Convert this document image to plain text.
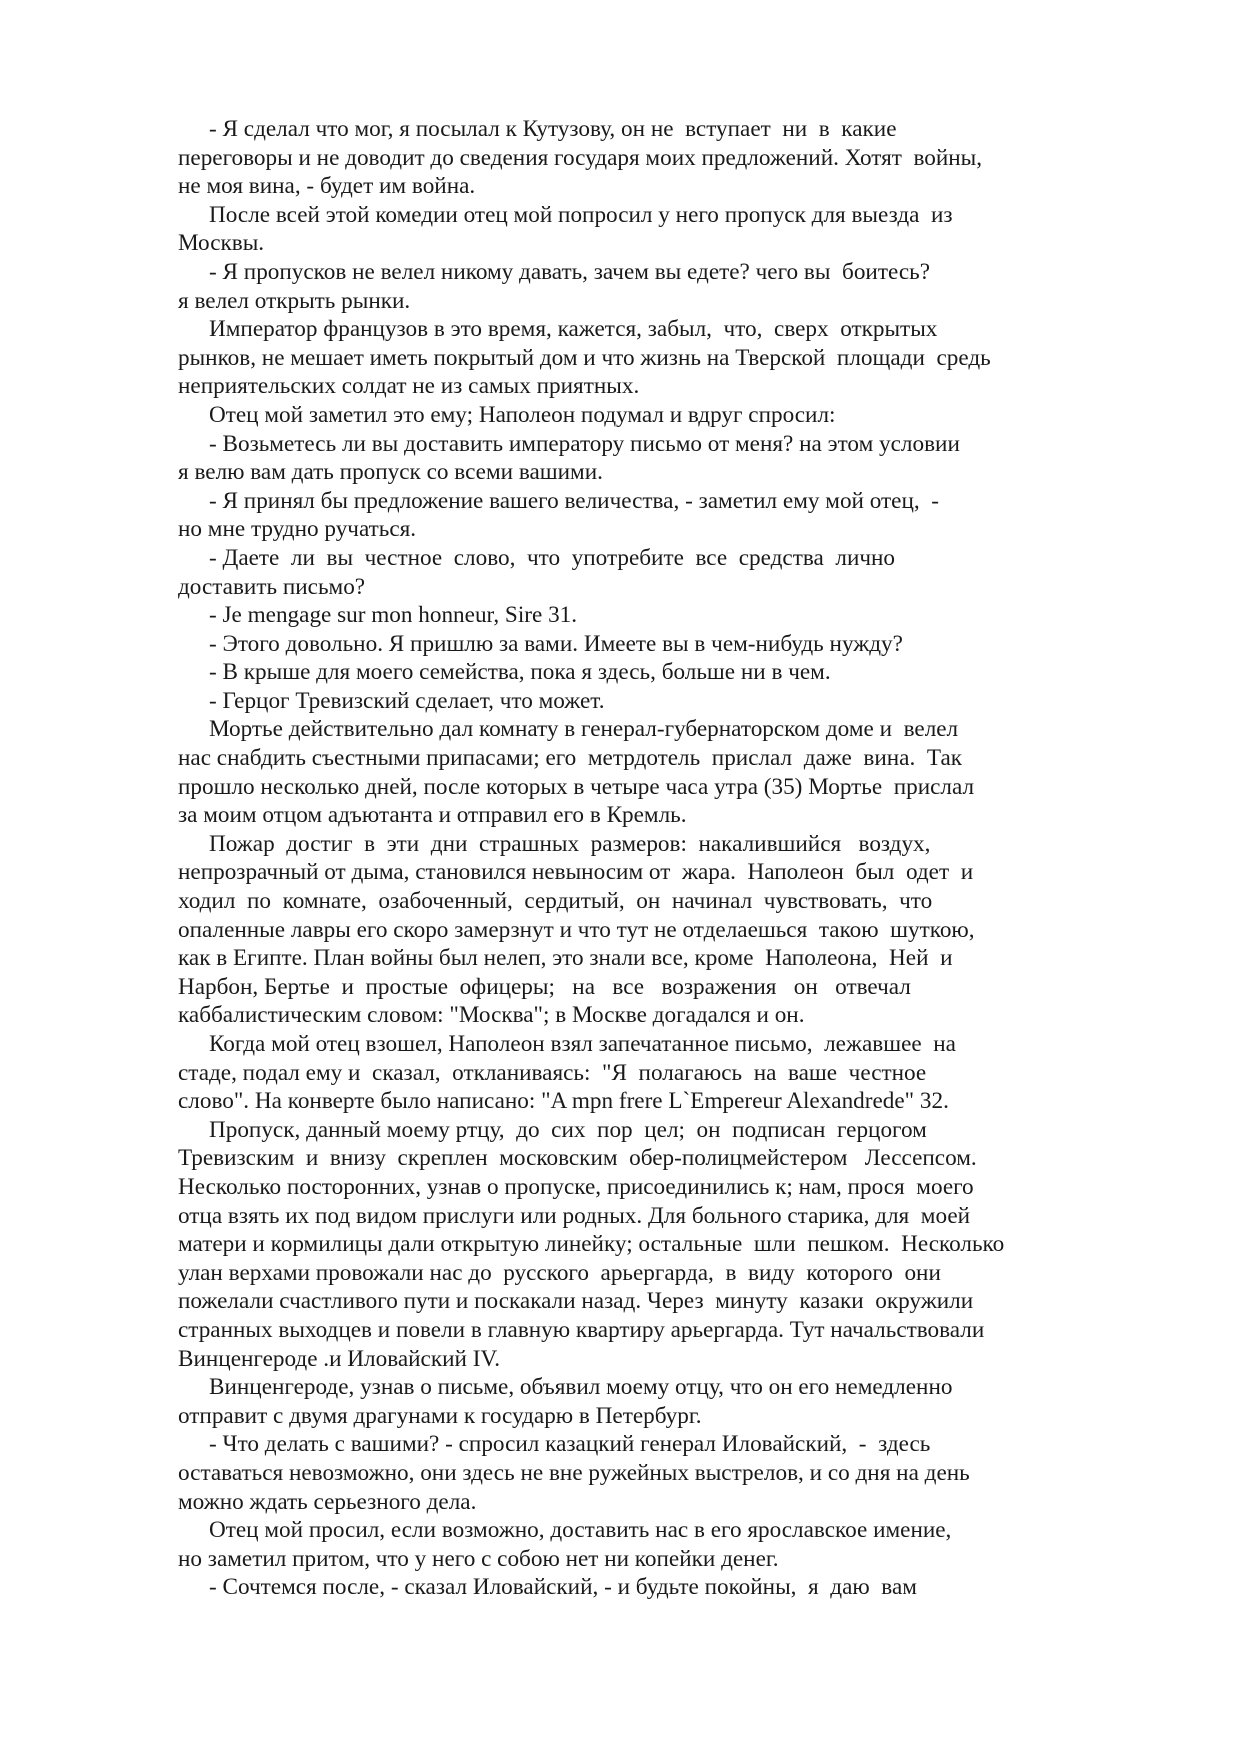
- Я сделал что мог, я посылал к Кутузову, он не  вступает  ни  в  какие
переговоры и не доводит до сведения государя моих предложений. Хотят  войны,
не моя вина, - будет им война.
После всей этой комедии отец мой попросил у него пропуск для выезда  из
Москвы.
- Я пропусков не велел никому давать, зачем вы едете? чего вы  боитесь?
я велел открыть рынки.
Император французов в это время, кажется, забыл,  что,  сверх  открытых
рынков, не мешает иметь покрытый дом и что жизнь на Тверской  площади  средь
неприятельских солдат не из самых приятных.
Отец мой заметил это ему; Наполеон подумал и вдруг спросил:
- Возьметесь ли вы доставить императору письмо от меня? на этом условии
я велю вам дать пропуск со всеми вашими.
- Я принял бы предложение вашего величества, - заметил ему мой отец,  -
но мне трудно ручаться.
- Даете  ли  вы  честное  слово,  что  употребите  все  средства  лично
доставить письмо?
- Je mengage sur mon honneur, Sire 31.
- Этого довольно. Я пришлю за вами. Имеете вы в чем-нибудь нужду?
- В крыше для моего семейства, пока я здесь, больше ни в чем.
- Герцог Тревизский сделает, что может.
Мортье действительно дал комнату в генерал-губернаторском доме и  велел
нас снабдить съестными припасами; его  метрдотель  прислал  даже  вина.  Так
прошло несколько дней, после которых в четыре часа утра (35) Мортье  прислал
за моим отцом адъютанта и отправил его в Кремль.
Пожар  достиг  в  эти  дни  страшных  размеров:  накалившийся   воздух,
непрозрачный от дыма, становился невыносим от  жара.  Наполеон  был  одет  и
ходил  по  комнате,  озабоченный,  сердитый,  он  начинал  чувствовать,  что
опаленные лавры его скоро замерзнут и что тут не отделаешься  такою  шуткою,
как в Египте. План войны был нелеп, это знали все, кроме  Наполеона,  Ней  и
Нарбон, Бертье  и  простые  офицеры;   на   все   возражения   он   отвечал
каббалистическим словом: "Москва"; в Москве догадался и он.
Когда мой отец взошел, Наполеон взял запечатанное письмо,  лежавшее  на
стаде, подал ему и  сказал,  откланиваясь:  "Я  полагаюсь  на  ваше  честное
слово". На конверте было написано: "A mpn frere L`Empereur Alexandrede" 32.
Пропуск, данный моему ртцу,  до  сих  пор  цел;  он  подписан  герцогом
Тревизским  и  внизу  скреплен  московским  обер-полицмейстером   Лессепсом.
Несколько посторонних, узнав о пропуске, присоединились к; нам, прося  моего
отца взять их под видом прислуги или родных. Для больного старика, для  моей
матери и кормилицы дали открытую линейку; остальные  шли  пешком.  Несколько
улан верхами провожали нас до  русского  арьергарда,  в  виду  которого  они
пожелали счастливого пути и поскакали назад. Через  минуту  казаки  окружили
странных выходцев и повели в главную квартиру арьергарда. Тут начальствовали
Винценгероде .и Иловайский IV.
Винценгероде, узнав о письме, объявил моему отцу, что он его немедленно
отправит с двумя драгунами к государю в Петербург.
- Что делать с вашими? - спросил казацкий генерал Иловайский,  -  здесь
оставаться невозможно, они здесь не вне ружейных выстрелов, и со дня на день
можно ждать серьезного дела.
Отец мой просил, если возможно, доставить нас в его ярославское имение,
но заметил притом, что у него с собою нет ни копейки денег.
- Сочтемся после, - сказал Иловайский, - и будьте покойны,  я  даю  вам
